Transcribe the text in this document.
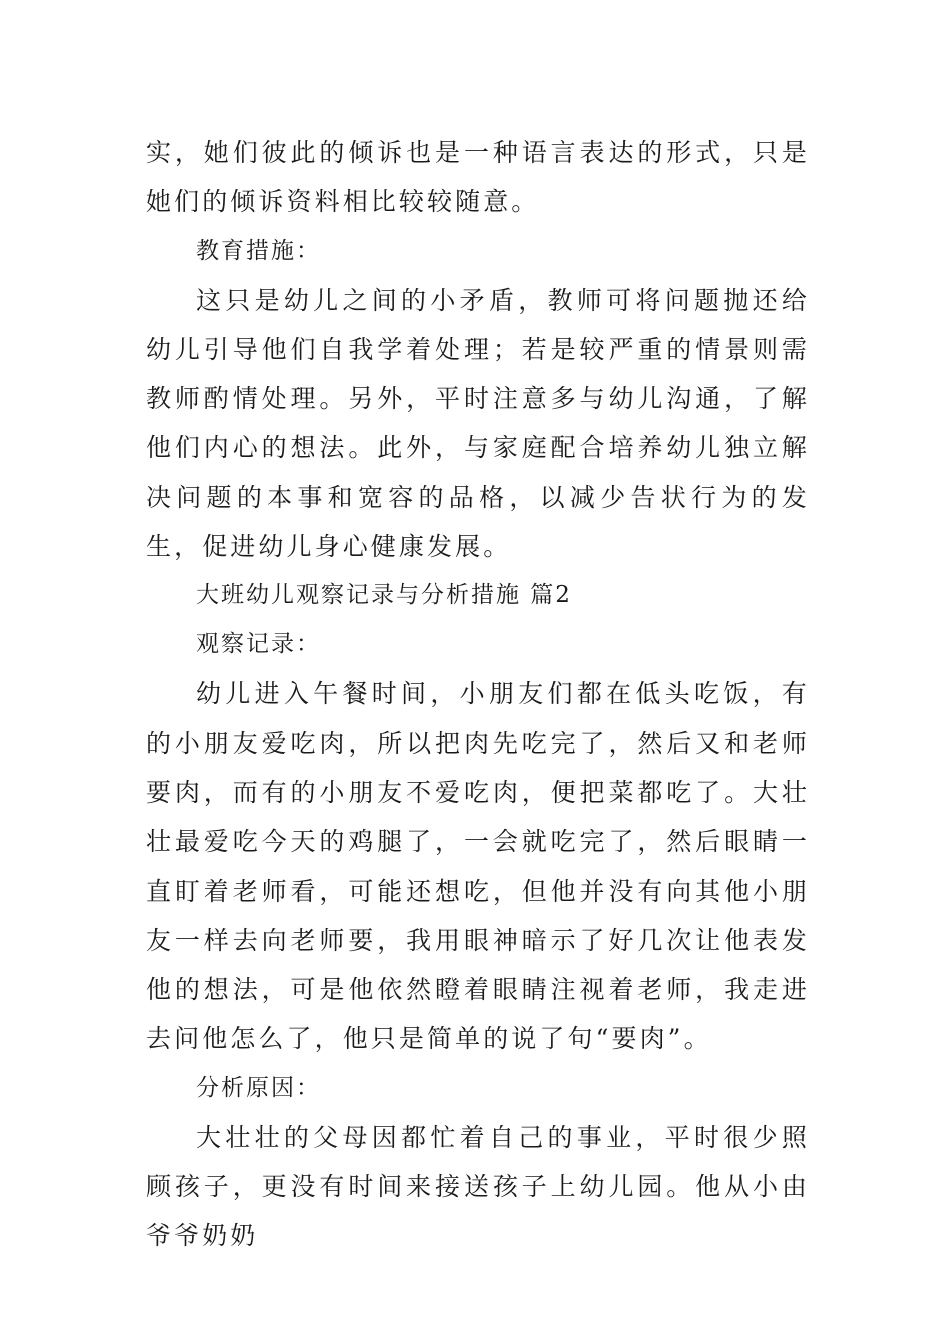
实，她们彼此的倾诉也是一种语言表达的形式，只是她们的倾诉资料相比较较随意。

教育措施：

这只是幼儿之间的小矛盾，教师可将问题抛还给幼儿引导他们自我学着处理；若是较严重的情景则需教师酌情处理。另外，平时注意多与幼儿沟通，了解他们内心的想法。此外，与家庭配合培养幼儿独立解决问题的本事和宽容的品格，以减少告状行为的发生，促进幼儿身心健康发展。

大班幼儿观察记录与分析措施 篇2

观察记录：

幼儿进入午餐时间，小朋友们都在低头吃饭，有的小朋友爱吃肉，所以把肉先吃完了，然后又和老师要肉，而有的小朋友不爱吃肉，便把菜都吃了。大壮壮最爱吃今天的鸡腿了，一会就吃完了，然后眼睛一直盯着老师看，可能还想吃，但他并没有向其他小朋友一样去向老师要，我用眼神暗示了好几次让他表发他的想法，可是他依然瞪着眼睛注视着老师，我走进去问他怎么了，他只是简单的说了句“要肉”。

分析原因：

大壮壮的父母因都忙着自己的事业，平时很少照顾孩子，更没有时间来接送孩子上幼儿园。他从小由爷爷奶奶
